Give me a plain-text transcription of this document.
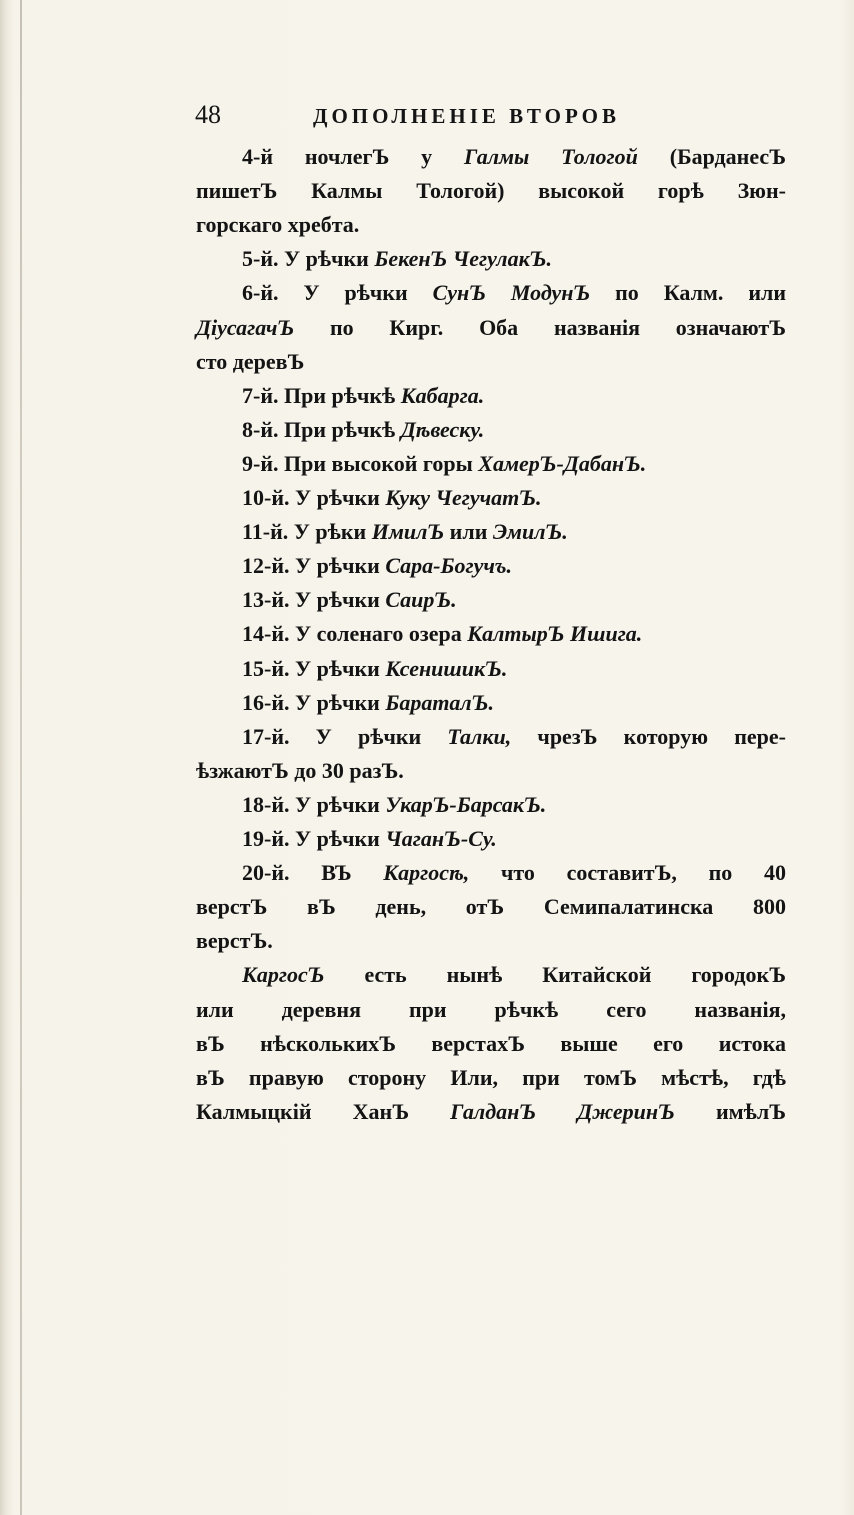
48	ДОПОЛНЕНІЕ ВТОРОВ
4-й ночлегЪ у Галмы Тологой (БарданесЪ
пишетЪ Калмы Тологой) высокой горѣ Зюн-
горскаго хребта.
5-й. У рѣчки БекенЪ ЧегулакЪ.
6-й. У рѣчки СунЪ МодунЪ по Калм. или
ДіусагачЪ по Кирг. Оба названія означаютЪ
сто деревЪ
7-й. При рѣчкѣ Кабарга.
8-й. При рѣчкѣ Дѣвеску.
9-й. При высокой горы ХамерЪ-ДабанЪ.
10-й. У рѣчки Куку ЧегучатЪ.
11-й. У рѣки ИмилЪ или ЭмилЪ.
12-й. У рѣчки Сара-Богучъ.
13-й. У рѣчки СаирЪ.
14-й. У соленаго озера КалтырЪ Ишига.
15-й. У рѣчки КсенишикЪ.
16-й. У рѣчки БараталЪ.
17-й. У рѣчки Талки, чрезЪ которую пере-
ѣзжаютЪ до 30 разЪ.
18-й. У рѣчки УкарЪ-БарсакЪ.
19-й. У рѣчки ЧаганЪ-Су.
20-й. ВЪ Каргосѣ, что составитЪ, по 40
верстЪ вЪ день, отЪ Семипалатинска 800
верстЪ.
КаргосЪ есть нынѣ Китайской городокЪ
или деревня при рѣчкѣ сего названія,
вЪ нѣсколькихЪ верстахЪ выше его истока
вЪ правую сторону Или, при томЪ мѣстѣ, гдѣ
Калмыцкій ХанЪ ГалданЪ ДжеринЪ имѣлЪ
